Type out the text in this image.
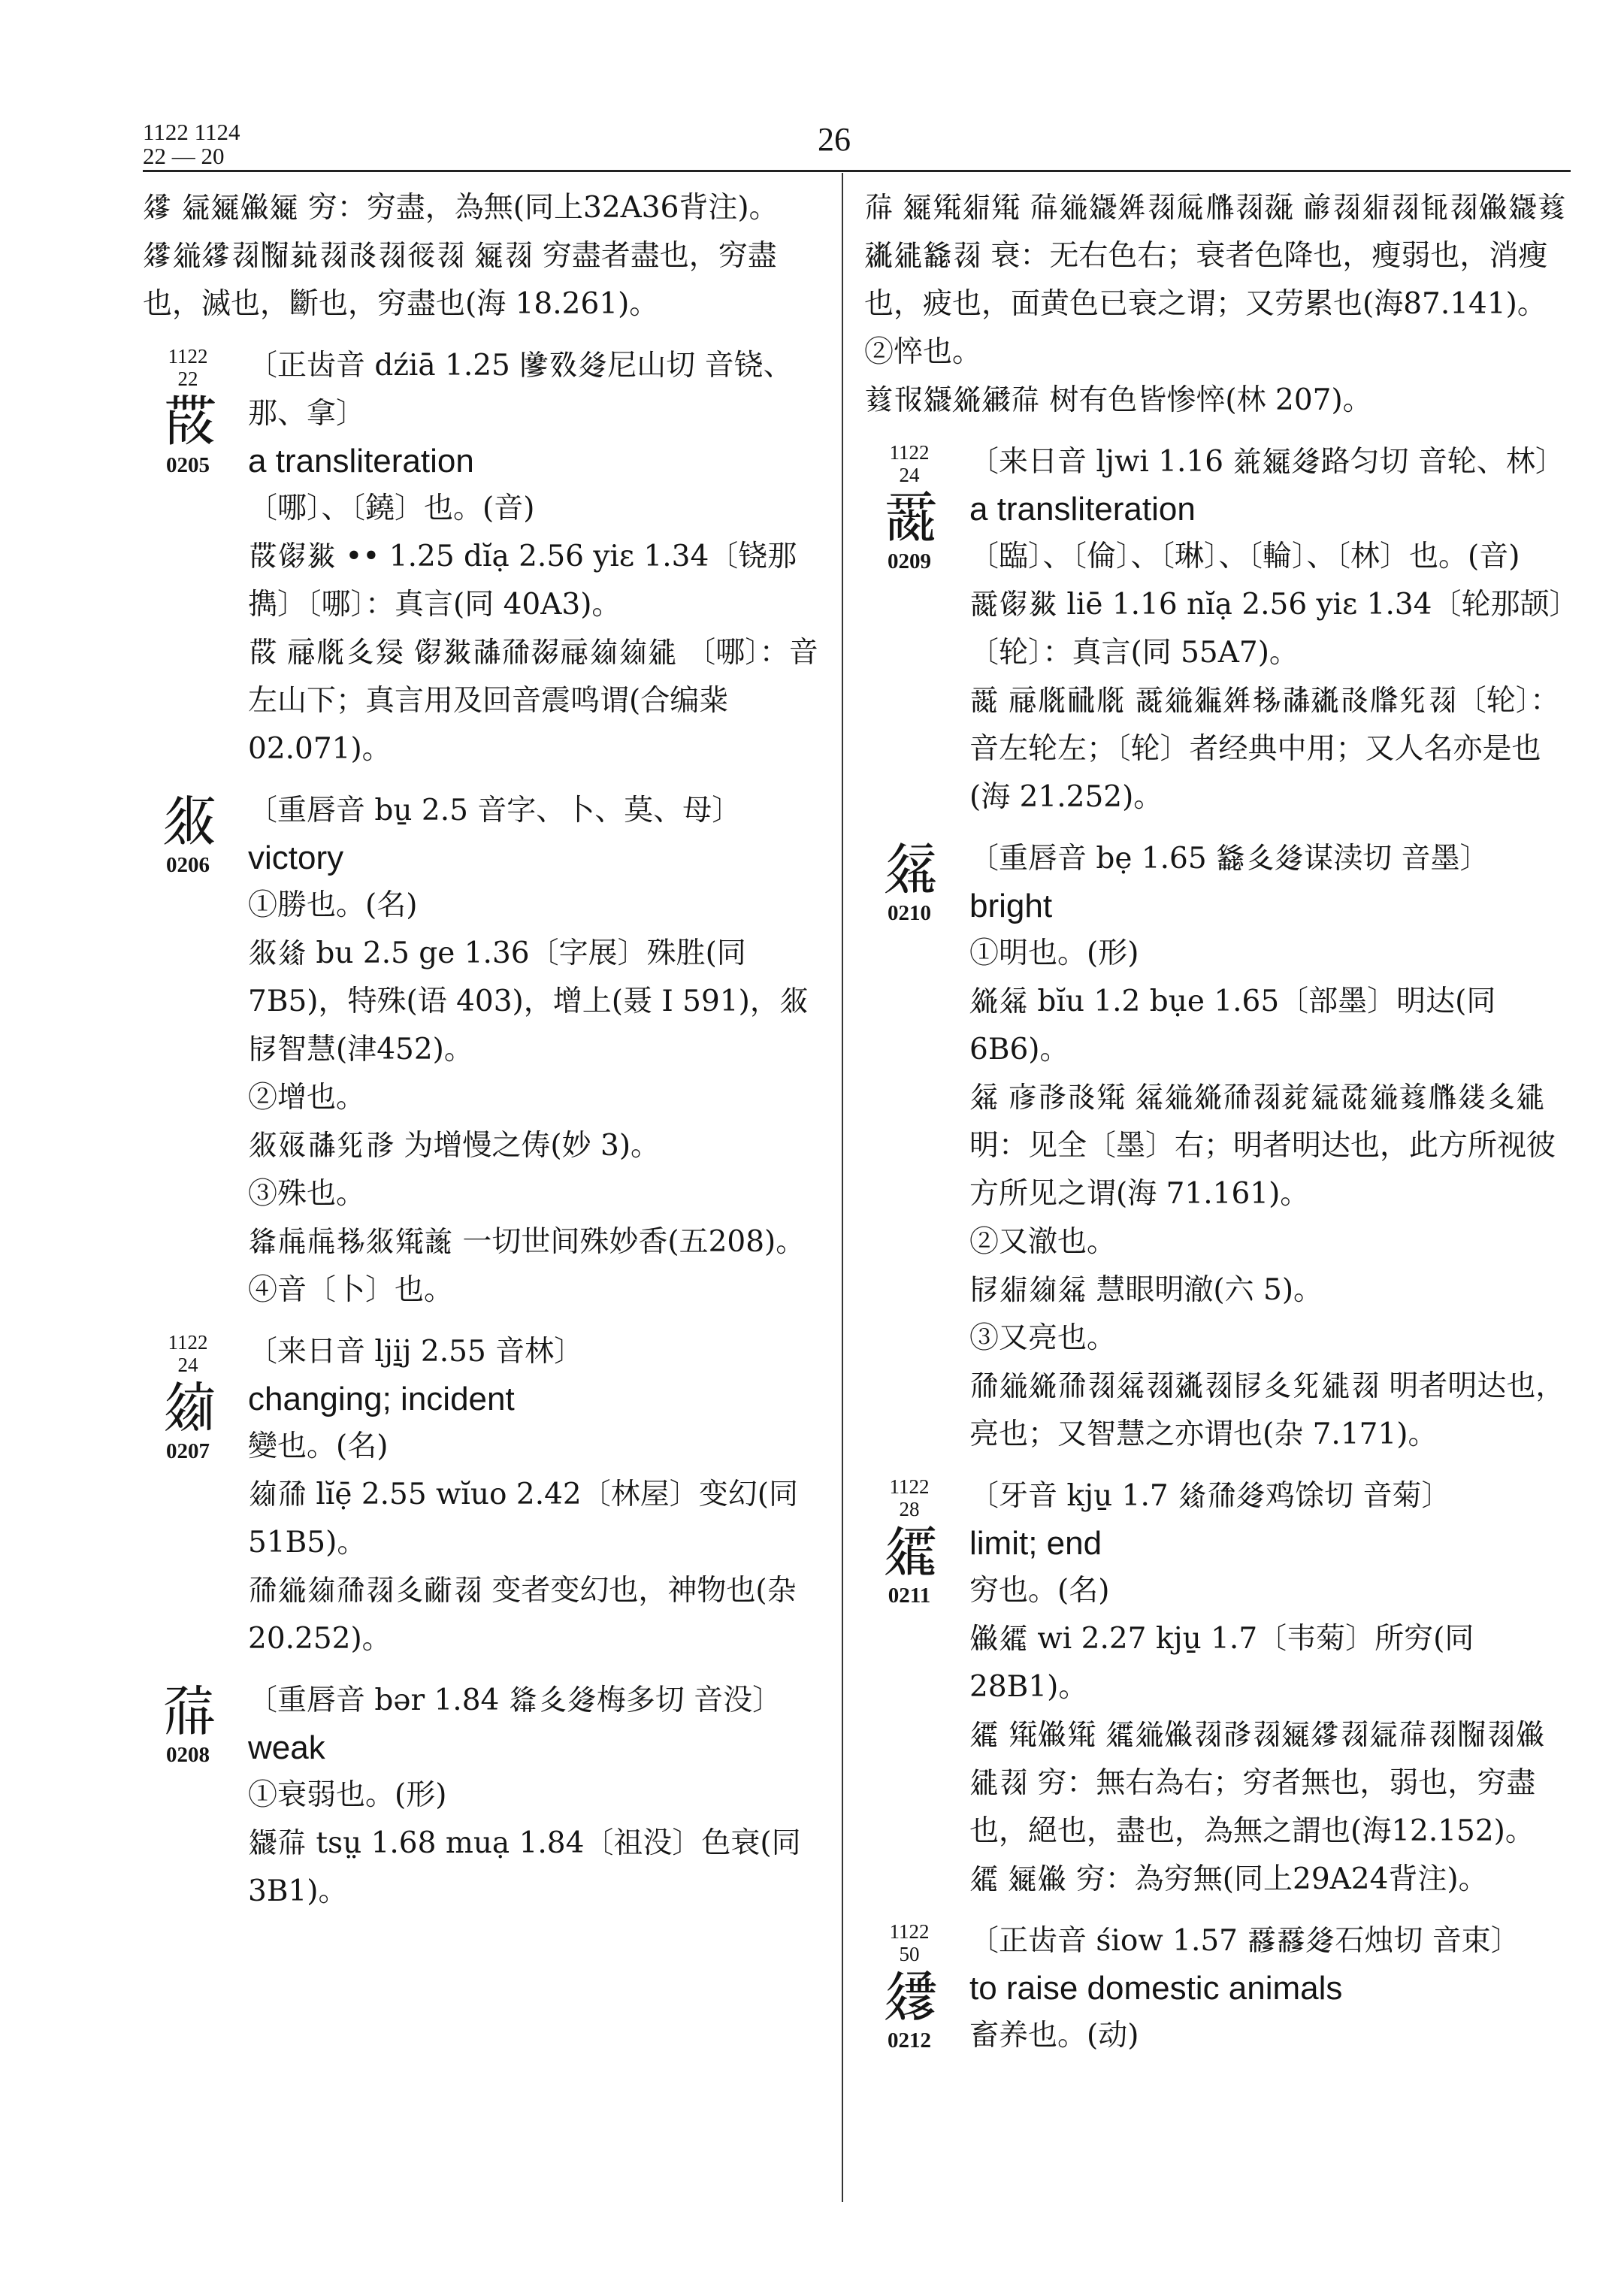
1122 1124
22 — 20	26

𗧘 𗦇𗿲𗏹𗿲 穷：穷盡，為無(同上32A36背注)。

𗧘𗥤𗧘𗖌𗂰𗭪𗖌𗰗𗖌𗢘𗖌 𗿲𗖌 穷盡者盡也，穷盡也，滅也，斷也，穷盡也(海 18.261)。

1122
22
𗶳
0205

〔正齿音 dźiā 1.25 𗂳𗸦𗫶尼山切 音铙、那、拿〕

a transliteration

〔哪〕、〔鐃〕也。(音)

𗶳𗃮𗯴 •• 1.25 dĭạ 2.56 yiɛ 1.34〔铙那擕〕〔哪〕：真言(同 40A3)。

𗶳 𗄊𗅋𗢨𗊶 𗃮𗯴𗰜𗗙𗖠𗄊𗦻𗦻𗧓 〔哪〕：音左山下；真言用及回音震鸣谓(合编䉾 02.071)。

𗼇
0206

〔重唇音 bu̱ 2.5 音字、卜、莫、母〕

victory

①勝也。(名)

𗼇𗦳 bu 2.5 ge 1.36〔字展〕殊胜(同 7B5)，特殊(语 403)，增上(聂 I 591)，𗼇𗡺智慧(津452)。

②增也。

𗼇𗡞𗰜𗉺𗰔 为增慢之俦(妙 3)。

③殊也。

𗌮𗍫𗍫𗈪𗼇𗋕𗔫 一切世间殊妙香(五208)。

④音〔卜〕也。

1122
24
𗦻
0207

〔来日音 lji̱j 2.55 音林〕

changing; incident

變也。(名)

𗦻𗗙 lĭẹ̄ 2.55 wĭuo 2.42〔林屋〕变幻(同51B5)。

𗗙𗥤𗦻𗗙𗖌𗢨𗠁𗖌 变者变幻也，神物也(杂 20.252)。

𗗚
0208

〔重唇音 bər 1.84 𗌮𗢨𗫶梅多切 音没〕

weak

①衰弱也。(形)

𗿼𗗚 tsṳ 1.68 muạ 1.84〔祖没〕色衰(同3B1)。

𗗚 𗿲𗋕𗤋𗋕 𗗚𗥤𗿼𗤶𗖌𗏁𗆏𗖌𗖶 𗑗𗖌𗤋𗖌𗺉𗖌𗏹𗿼𗒺𗡶𗧓𗴮𗖌 衰：无右色右；衰者色降也，瘦弱也，消瘦也，疲也，面黄色已衰之谓；又劳累也(海87.141)。

②悴也。

𗒺𗌻𗿼𗤷𗪺𗗚 树有色皆惨悴(林 207)。

1122
24
𗵘
0209

〔来日音 ljwi 1.16 𗑾𗿲𗫶路匀切 音轮、林〕

a transliteration

〔臨〕、〔倫〕、〔琳〕、〔輪〕、〔林〕也。(音)

𗵘𗃮𗯴 liē 1.16 nĭạ 2.56 yiɛ 1.34〔轮那颉〕〔轮〕：真言(同 55A7)。

𗵘 𗄊𗅋𗟻𗅋 𗵘𗥤𗦨𗤶𗈪𗰜𗡶𗰗𗆄𗉺𗖌〔轮〕：音左轮左；〔轮〕者经典中用；又人名亦是也(海 21.252)。

𗤿
0210

〔重唇音 bẹ 1.65 𗴮𗢨𗫶谋渎切 音墨〕

bright

①明也。(形)

𗤷𗤿 bĭu 1.2 bụe 1.65〔部墨〕明达(同 6B6)。

𗤿 𗇋𗰔𗰗𗋕 𗤿𗥤𗤷𗗙𗖌𗐱𗦇𗱕𗥤𗒺𗆏𗦿𗢨𗧓 明：见全〔墨〕右；明者明达也，此方所视彼方所见之谓(海 71.161)。

②又澈也。

𗡺𗤋𗦻𗤿 慧眼明澈(六 5)。

③又亮也。

𗗙𗥤𗤷𗗙𗖌𗤿𗖌𗡶𗖌𗡺𗢨𗉺𗧓𗖌 明者明达也，亮也；又智慧之亦谓也(杂 7.171)。

1122
28
𗨺
0211

〔牙音 kju̱ 1.7 𗦳𗗙𗫶鸡馀切 音菊〕

limit; end

穷也。(名)

𗏹𗨺 wi 2.27 kju̱ 1.7〔韦菊〕所穷(同 28B1)。

𗨺 𗋕𗏹𗋕 𗨺𗥤𗏹𗖌𗰔𗖌𗿲𗧘𗖌𗦇𗗚𗖌𗂰𗖌𗏹𗧓𗖌 穷：無右為右；穷者無也，弱也，穷盡也，絕也，盡也，為無之謂也(海12.152)。

𗨺 𗿲𗏹 穷：為穷無(同上29A24背注)。

1122
50
𗧖
0212

〔正齿音 śiow 1.57 𗵒𗵒𗫶石烛切 音束〕

to raise domestic animals

畜养也。(动)
